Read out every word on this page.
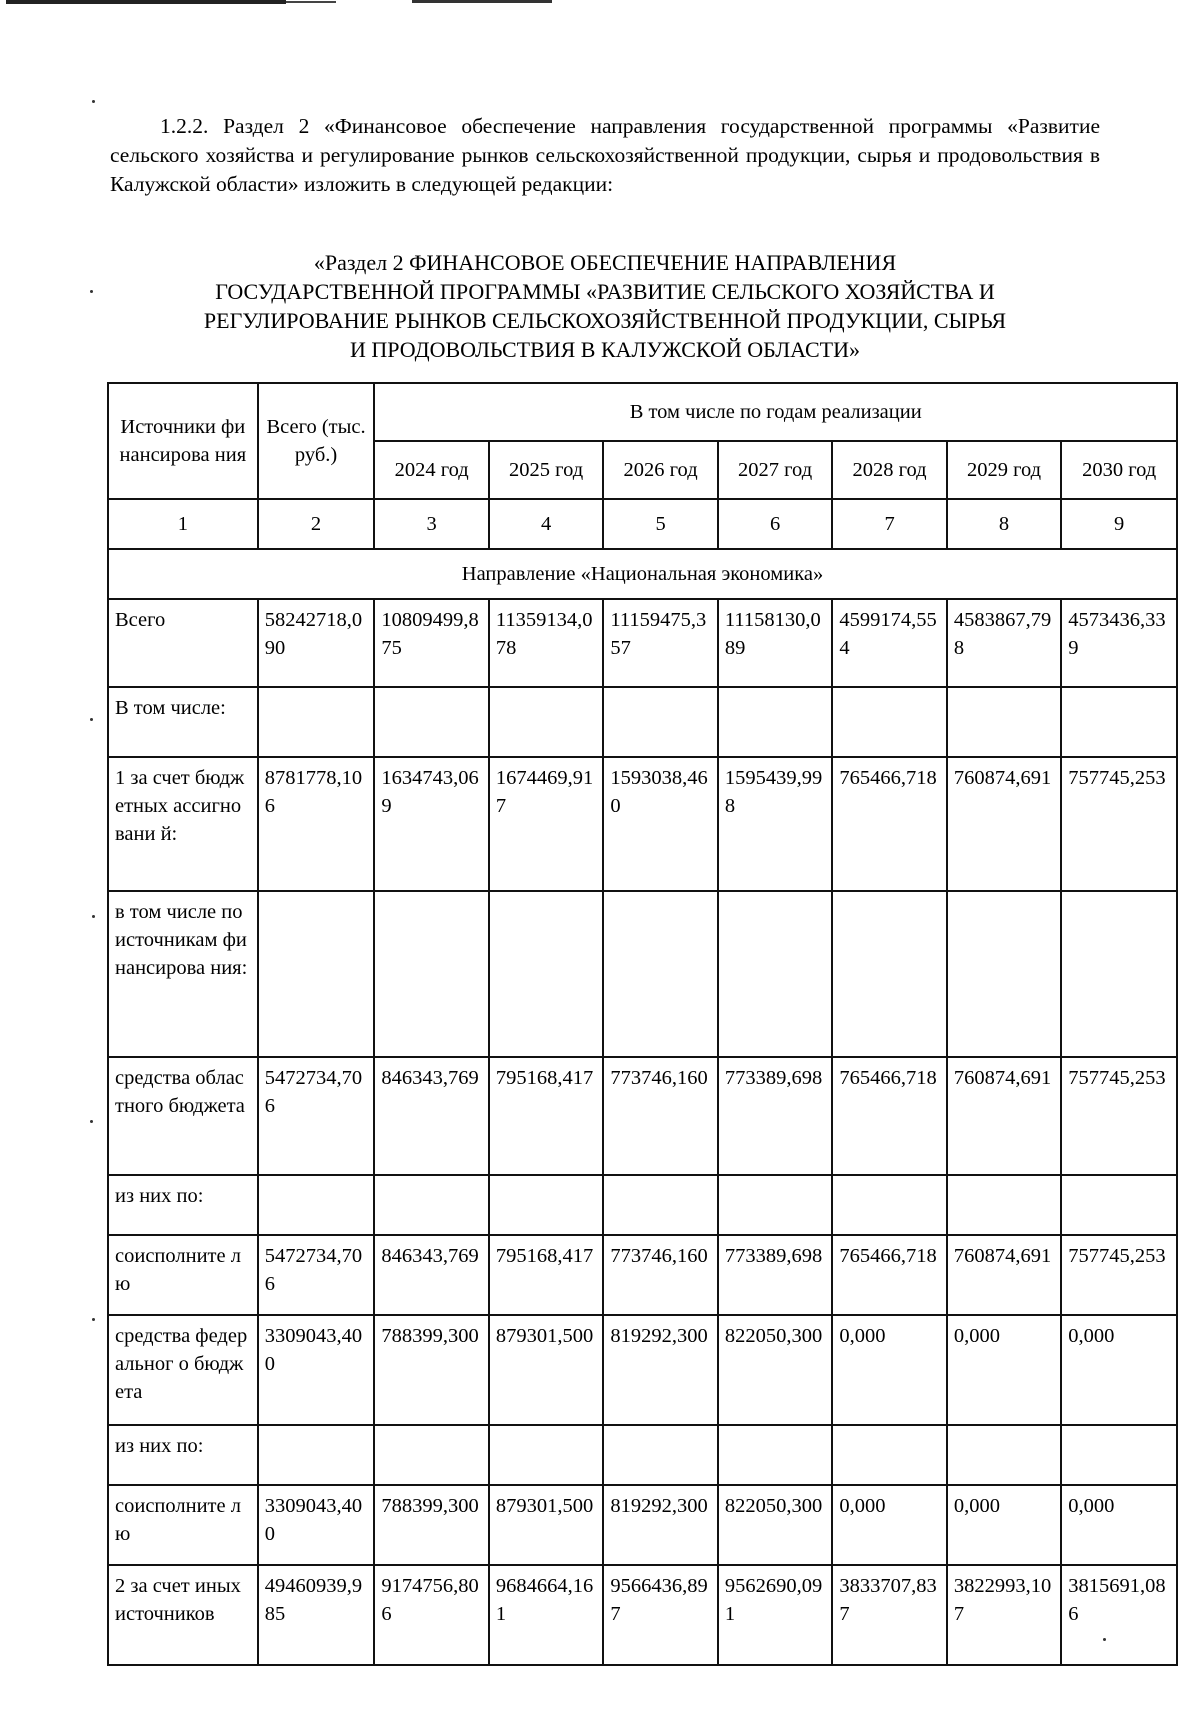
1.2.2. Раздел 2 «Финансовое обеспечение направления государственной программы «Развитие сельского хозяйства и регулирование рынков сельскохозяйственной продукции, сырья и продовольствия в Калужской области» изложить в следующей редакции:

«Раздел 2 ФИНАНСОВОЕ ОБЕСПЕЧЕНИЕ НАПРАВЛЕНИЯ
ГОСУДАРСТВЕННОЙ ПРОГРАММЫ «РАЗВИТИЕ СЕЛЬСКОГО ХОЗЯЙСТВА И
РЕГУЛИРОВАНИЕ РЫНКОВ СЕЛЬСКОХОЗЯЙСТВЕННОЙ ПРОДУКЦИИ, СЫРЬЯ
И ПРОДОВОЛЬСТВИЯ В КАЛУЖСКОЙ ОБЛАСТИ»
Источники финансирова ния	Всего (тыс. руб.)	В том числе по годам реализации						
		2024 год	2025 год	2026 год	2027 год	2028 год	2029 год	2030 год
1	2	3	4	5	6	7	8	9
Направление «Национальная экономика»								
Всего	58242718,090	10809499,875	11359134,078	11159475,357	11158130,089	4599174,554	4583867,798	4573436,339
В том числе:								
1 за счет бюджетных ассигновани й:	8781778,106	1634743,069	1674469,917	1593038,460	1595439,998	765466,718	760874,691	757745,253
в том числе по источникам финансирова ния:								
средства областного бюджета	5472734,706	846343,769	795168,417	773746,160	773389,698	765466,718	760874,691	757745,253
из них по:								
соисполните лю	5472734,706	846343,769	795168,417	773746,160	773389,698	765466,718	760874,691	757745,253
средства федеральног о бюджета	3309043,400	788399,300	879301,500	819292,300	822050,300	0,000	0,000	0,000
из них по:								
соисполните лю	3309043,400	788399,300	879301,500	819292,300	822050,300	0,000	0,000	0,000
2 за счет иных источников	49460939,985	9174756,806	9684664,161	9566436,897	9562690,091	3833707,837	3822993,107	3815691,086
